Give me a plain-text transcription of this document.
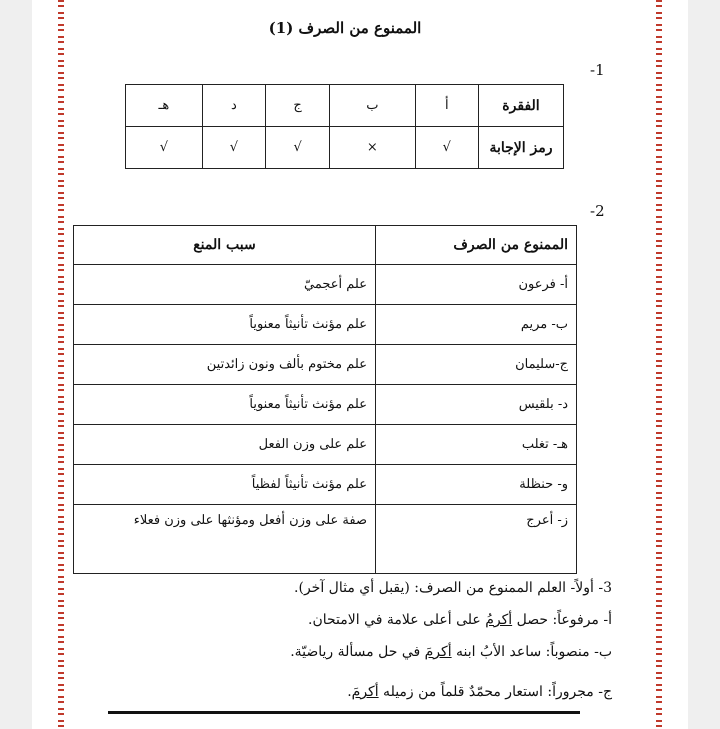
الممنوع من الصرف (1)
1-
الفقرة	أ	ب	ج	د	هـ
رمز الإجابة	√	×	√	√	√
2-
الممنوع من الصرف	سبب المنع
أ- فرعون	علم أعجميّ
ب- مريم	علم مؤنث تأنيثاً معنوياً
ج-سليمان	علم مختوم بألف ونون زائدتين
د- بلقيس	علم مؤنث تأنيثاً معنوياً
هـ- تغلب	علم على وزن الفعل
و- حنظلة	علم مؤنث تأنيثاً لفظياً
ز- أعرج	صفة على وزن أفعل ومؤنثها على وزن فعلاء

3- أولاً- العلم الممنوع من الصرف: (يقبل أي مثال آخر).

أ- مرفوعاً: حصل أكرمُ على أعلى علامة في الامتحان.

ب- منصوباً: ساعد الأبُ ابنه أكرمَ في حل مسألة رياضيّة.

ج- مجروراً: استعار محمّدٌ قلماً من زميله أكرمَ.
